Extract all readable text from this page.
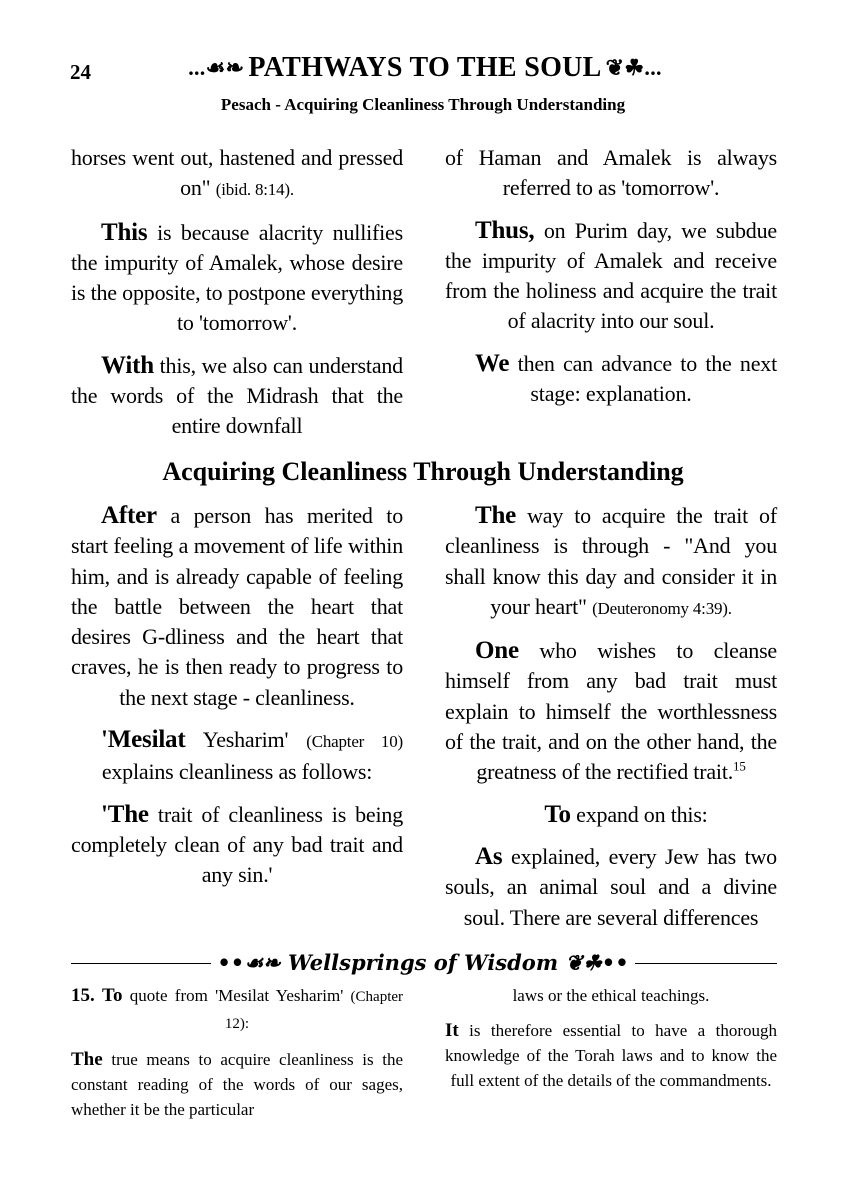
24	...☙❧ PATHWAYS TO THE SOUL ❦☘...
Pesach - Acquiring Cleanliness Through Understanding

horses went out, hastened and pressed on" (ibid. 8:14).

This is because alacrity nullifies the impurity of Amalek, whose desire is the opposite, to postpone everything to 'tomorrow'.

With this, we also can understand the words of the Midrash that the entire downfall

of Haman and Amalek is always referred to as 'tomorrow'.

Thus, on Purim day, we subdue the impurity of Amalek and receive from the holiness and acquire the trait of alacrity into our soul.

We then can advance to the next stage: explanation.

Acquiring Cleanliness Through Understanding

After a person has merited to start feeling a movement of life within him, and is already capable of feeling the battle between the heart that desires G-dliness and the heart that craves, he is then ready to progress to the next stage - cleanliness.

'Mesilat Yesharim' (Chapter 10) explains cleanliness as follows:

'The trait of cleanliness is being completely clean of any bad trait and any sin.'

The way to acquire the trait of cleanliness is through - "And you shall know this day and consider it in your heart" (Deuteronomy 4:39).

One who wishes to cleanse himself from any bad trait must explain to himself the worthlessness of the trait, and on the other hand, the greatness of the rectified trait.$^{15}$

To expand on this:

As explained, every Jew has two souls, an animal soul and a divine soul. There are several differences

••☙❧ Wellsprings of Wisdom ❦☘••

15. To quote from 'Mesilat Yesharim' (Chapter 12):

The true means to acquire cleanliness is the constant reading of the words of our sages, whether it be the particular

laws or the ethical teachings.

It is therefore essential to have a thorough knowledge of the Torah laws and to know the full extent of the details of the commandments.
